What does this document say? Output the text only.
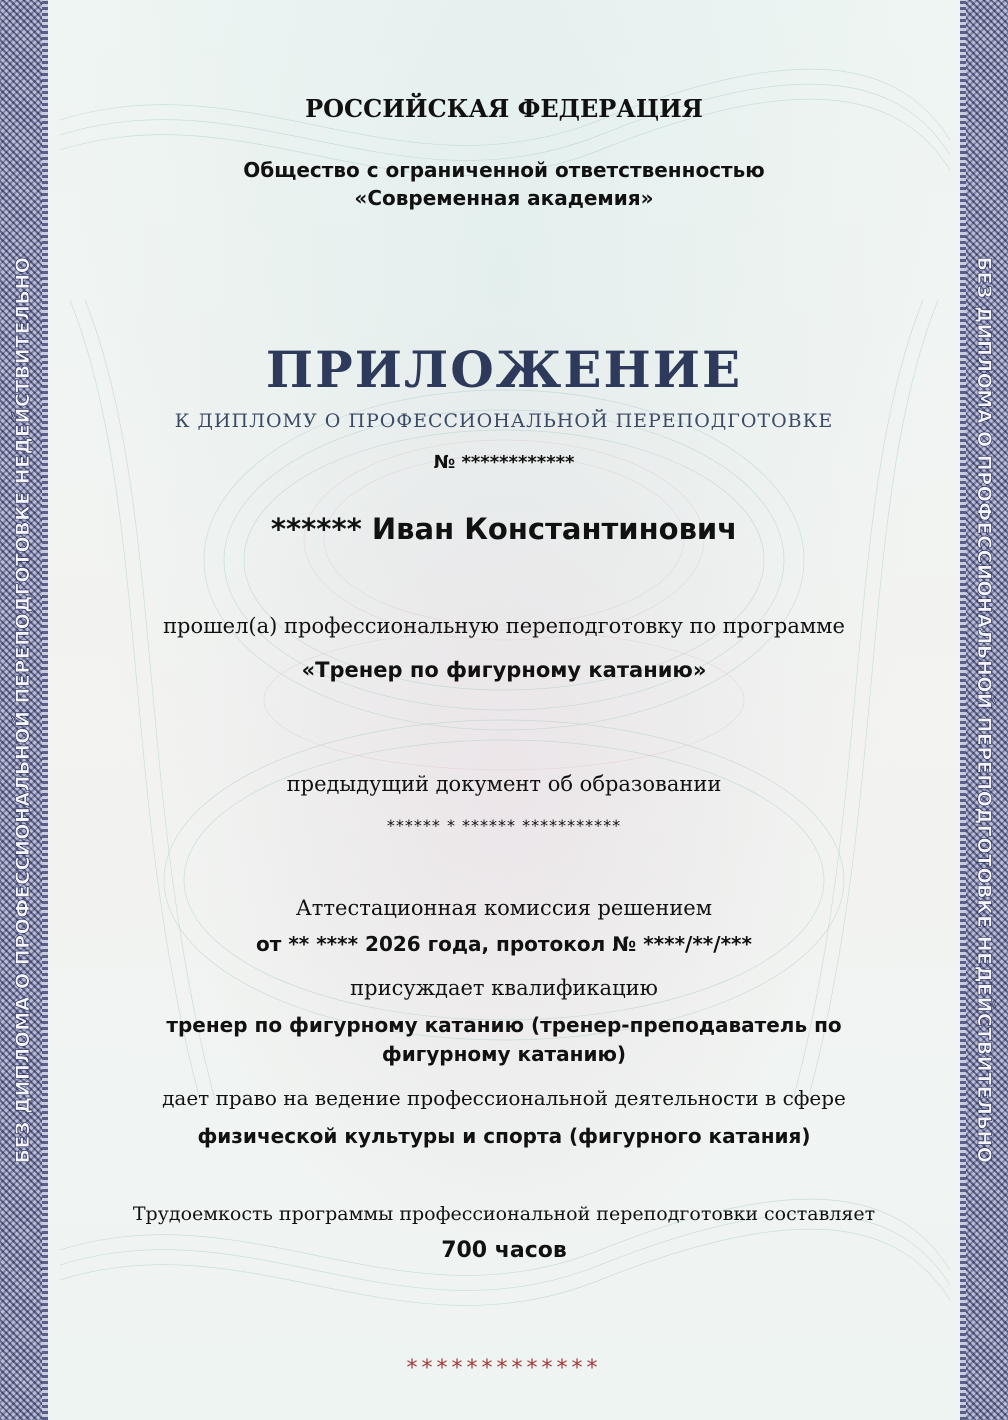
БЕЗ ДИПЛОМА О ПРОФЕССИОНАЛЬНОЙ ПЕРЕПОДГОТОВКЕ НЕДЕЙСТВИТЕЛЬНО	БЕЗ ДИПЛОМА О ПРОФЕССИОНАЛЬНОЙ ПЕРЕПОДГОТОВКЕ НЕДЕЙСТВИТЕЛЬНО
РОССИЙСКАЯ ФЕДЕРАЦИЯ
Общество с ограниченной ответственностью
«Современная академия»
ПРИЛОЖЕНИЕ
К ДИПЛОМУ О ПРОФЕССИОНАЛЬНОЙ ПЕРЕПОДГОТОВКЕ
№ ************
****** Иван Константинович
прошел(а) профессиональную переподготовку по программе
«Тренер по фигурному катанию»
предыдущий документ об образовании
****** * ****** ***********
Аттестационная комиссия решением
от ** **** 2026 года, протокол № ****/**/***
присуждает квалификацию
тренер по фигурному катанию (тренер-преподаватель по
фигурному катанию)
дает право на ведение профессиональной деятельности в сфере
физической культуры и спорта (фигурного катания)
Трудоемкость программы профессиональной переподготовки составляет
700 часов
*************
